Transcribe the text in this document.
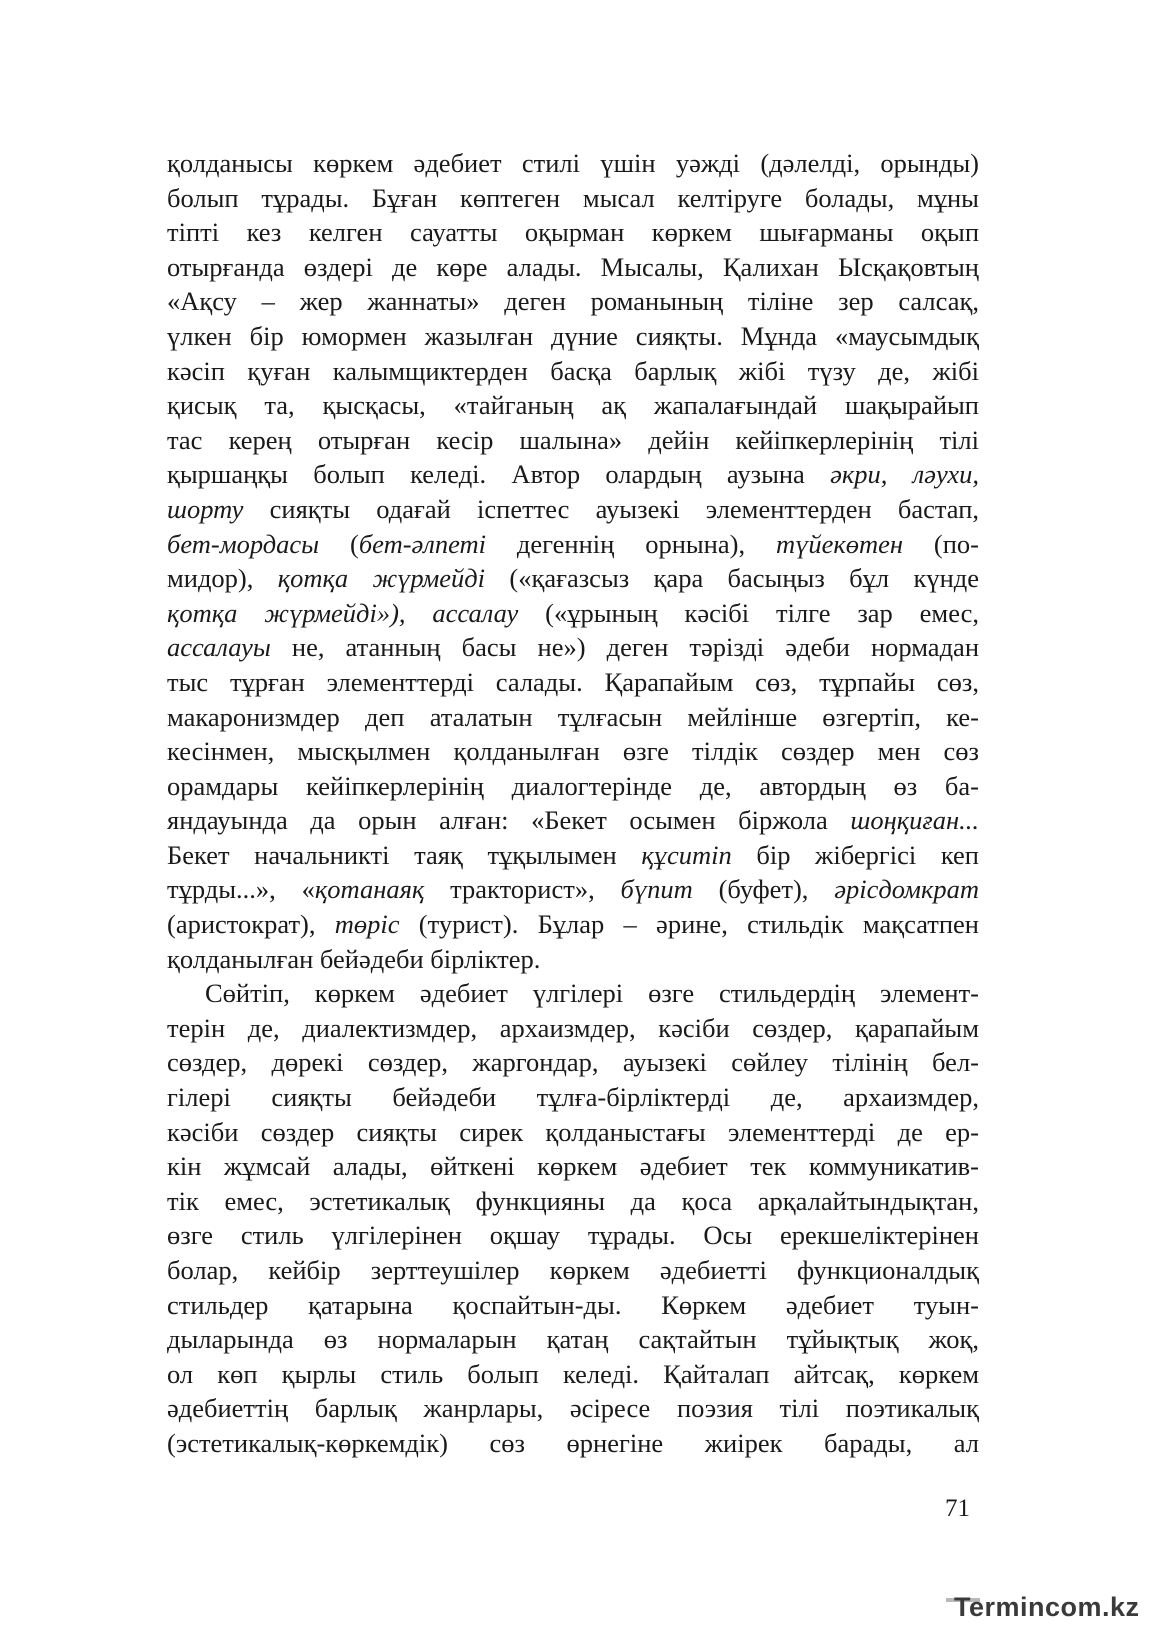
қолданысы көркем әдебиет стилі үшін уәжді (дәлелді, орынды)
болып тұрады. Бұған көптеген мысал келтіруге болады, мұны
тіпті кез келген сауатты оқырман көркем шығарманы оқып
отырғанда өздері де көре алады. Мысалы, Қалихан Ысқақовтың
«Ақсу – жер жаннаты» деген романының тіліне зер салсақ,
үлкен бір юмормен жазылған дүние сияқты. Мұнда «маусымдық
кәсіп қуған калымщиктерден басқа барлық жібі түзу де, жібі
қисық та, қысқасы, «тайганың ақ жапалағындай шақырайып
тас керең отырған кесір шалына» дейін кейіпкерлерінің тілі
қыршаңқы болып келеді. Автор олардың аузына әкри, ләухи,
шорту сияқты одағай іспеттес ауызекі элементтерден бастап,
бет-мордасы (бет-әлпеті дегеннің орнына), түйекөтен (по-
мидор), қотқа жүрмейді («қағазсыз қара басыңыз бұл күнде
қотқа жүрмейді»), ассалау («ұрының кәсібі тілге зар емес,
ассалауы не, атанның басы не») деген тәрізді әдеби нормадан
тыс тұрған элементтерді салады. Қарапайым сөз, тұрпайы сөз,
макаронизмдер деп аталатын тұлғасын мейлінше өзгертіп, ке-
кесінмен, мысқылмен қолданылған өзге тілдік сөздер мен сөз
орамдары кейіпкерлерінің диалогтерінде де, автордың өз ба-
яндауында да орын алған: «Бекет осымен біржола шоңқиған...
Бекет начальникті таяқ тұқылымен құситіп бір жібергісі кеп
тұрды...», «қотанаяқ тракторист», бүпит (буфет), әрісдомкрат
(аристократ), төріс (турист). Бұлар – әрине, стильдік мақсатпен
қолданылған бейәдеби бірліктер.
Сөйтіп, көркем әдебиет үлгілері өзге стильдердің элемент-
терін де, диалектизмдер, архаизмдер, кәсіби сөздер, қарапайым
сөздер, дөрекі сөздер, жаргондар, ауызекі сөйлеу тілінің бел-
гілері сияқты бейәдеби тұлға-бірліктерді де, архаизмдер,
кәсіби сөздер сияқты сирек қолданыстағы элементтерді де ер-
кін жұмсай алады, өйткені көркем әдебиет тек коммуникатив-
тік емес, эстетикалық функцияны да қоса арқалайтындықтан,
өзге стиль үлгілерінен оқшау тұрады. Осы ерекшеліктерінен
болар, кейбір зерттеушілер көркем әдебиетті функционалдық
стильдер қатарына қоспайтын-ды. Көркем әдебиет туын-
дыларында өз нормаларын қатаң сақтайтын тұйықтық жоқ,
ол көп қырлы стиль болып келеді. Қайталап айтсақ, көркем
әдебиеттің барлық жанрлары, әсіресе поэзия тілі поэтикалық
(эстетикалық-көркемдік) сөз өрнегіне жиірек барады, ал
71
Termincom.kz
